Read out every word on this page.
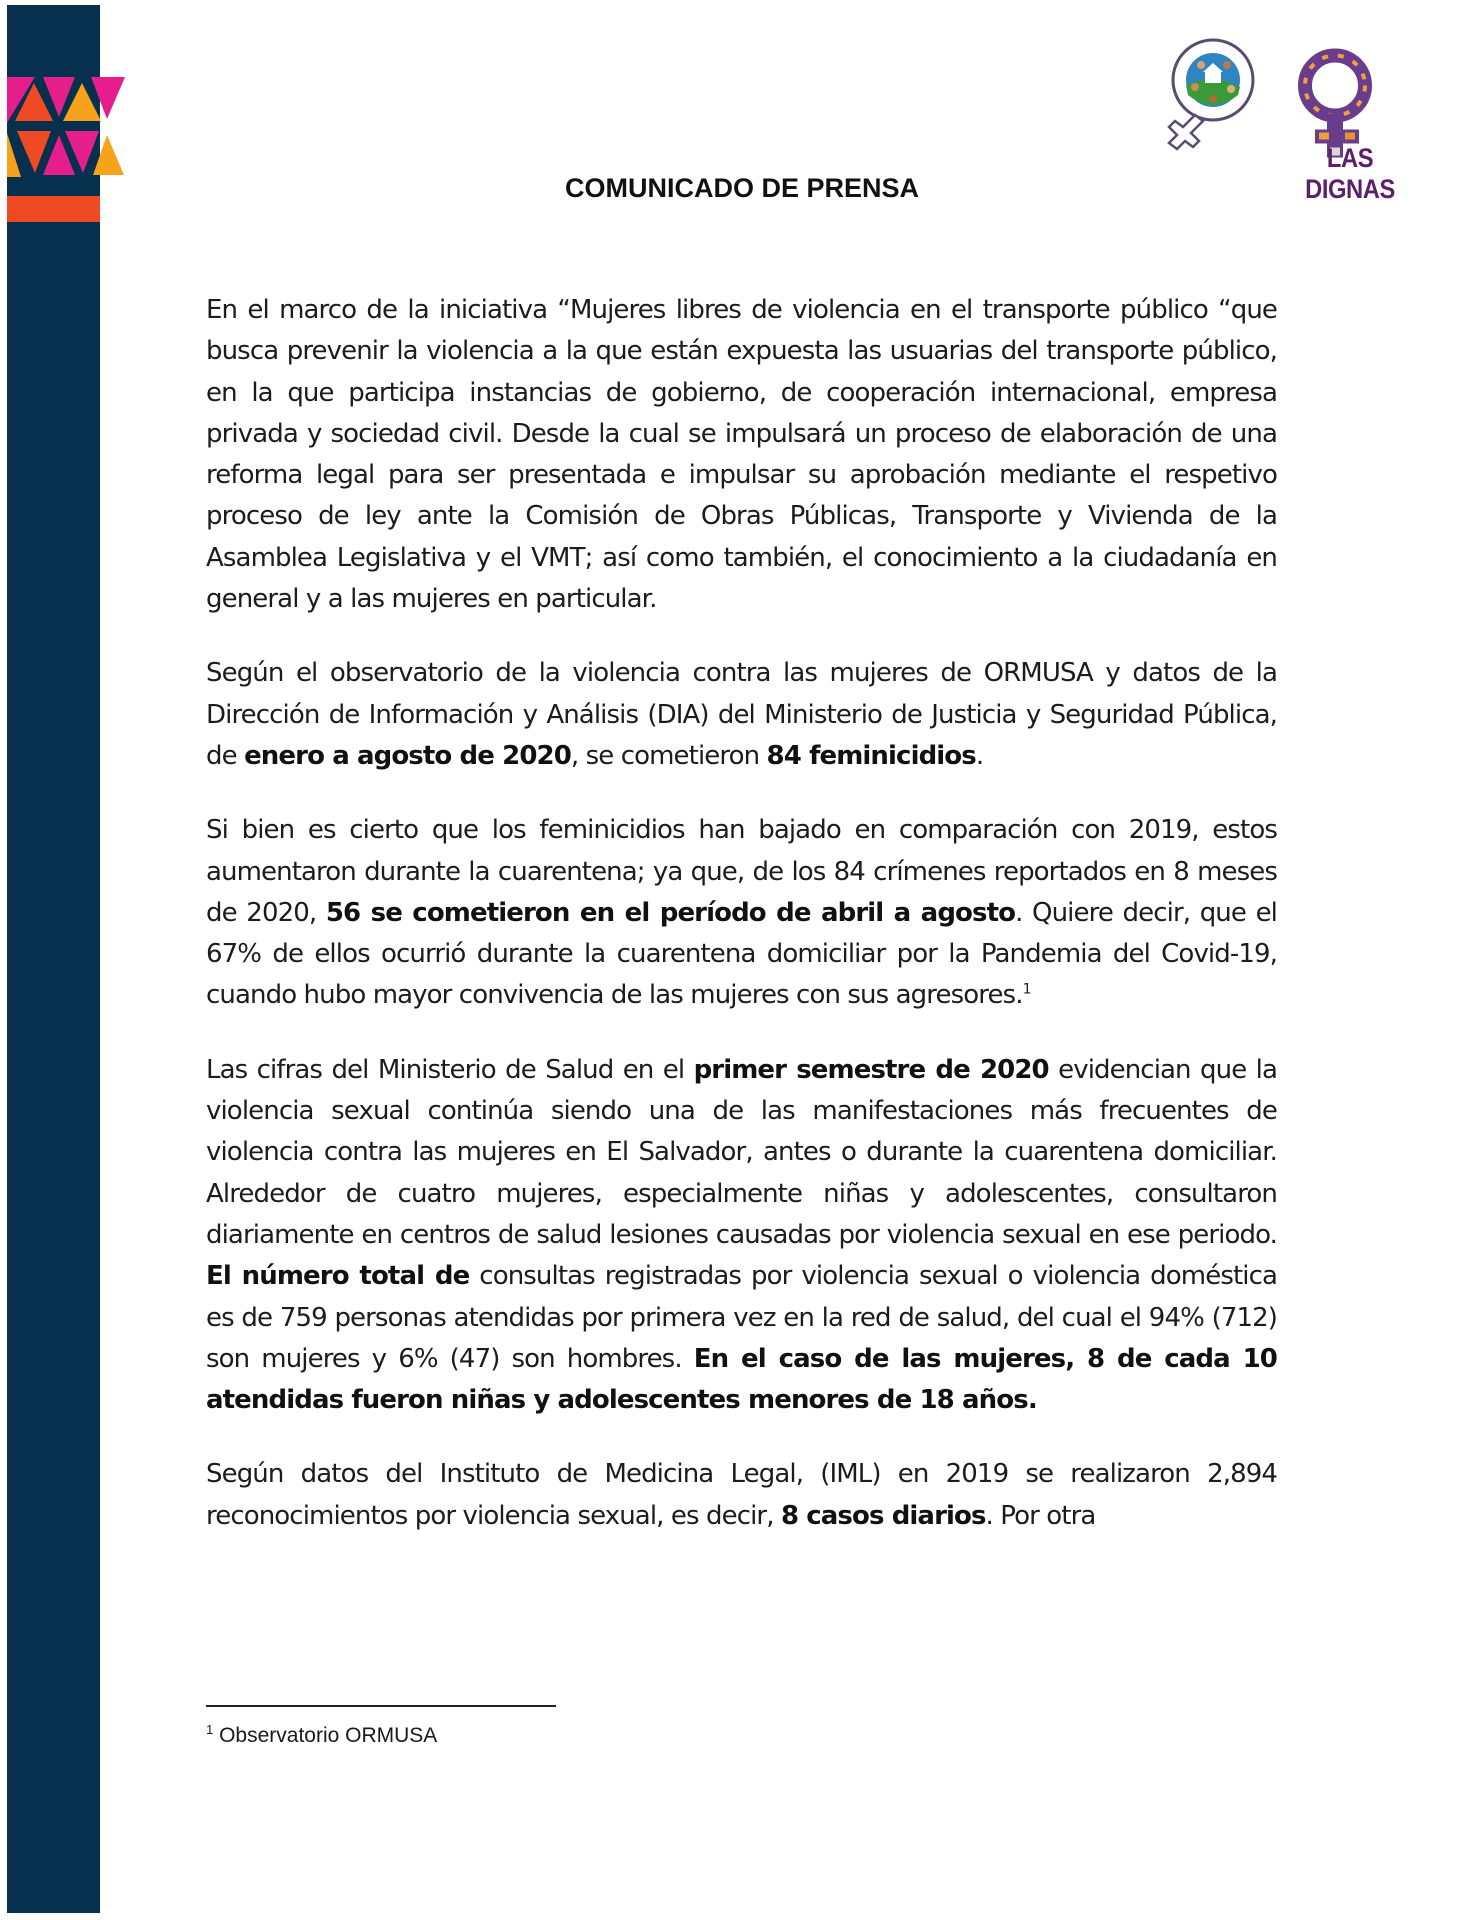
LAS DIGNAS
COMUNICADO DE PRENSA

En el marco de la iniciativa “Mujeres libres de violencia en el transporte público “que busca prevenir la violencia a la que están expuesta las usuarias del transporte público, en la que participa instancias de gobierno, de cooperación internacional, empresa privada y sociedad civil. Desde la cual se impulsará un proceso de elaboración de una reforma legal para ser presentada e impulsar su aprobación mediante el respetivo proceso de ley ante la Comisión de Obras Públicas, Transporte y Vivienda de la Asamblea Legislativa y el VMT; así como también, el conocimiento a la ciudadanía en general y a las mujeres en particular.

Según el observatorio de la violencia contra las mujeres de ORMUSA y datos de la Dirección de Información y Análisis (DIA) del Ministerio de Justicia y Seguridad Pública, de enero a agosto de 2020, se cometieron 84 feminicidios.

Si bien es cierto que los feminicidios han bajado en comparación con 2019, estos aumentaron durante la cuarentena; ya que, de los 84 crímenes reportados en 8 meses de 2020, 56 se cometieron en el período de abril a agosto. Quiere decir, que el 67% de ellos ocurrió durante la cuarentena domiciliar por la Pandemia del Covid-19, cuando hubo mayor convivencia de las mujeres con sus agresores.$^1$

Las cifras del Ministerio de Salud en el primer semestre de 2020 evidencian que la violencia sexual continúa siendo una de las manifestaciones más frecuentes de violencia contra las mujeres en El Salvador, antes o durante la cuarentena domiciliar. Alrededor de cuatro mujeres, especialmente niñas y adolescentes, consultaron diariamente en centros de salud lesiones causadas por violencia sexual en ese periodo. El número total de consultas registradas por violencia sexual o violencia doméstica es de 759 personas atendidas por primera vez en la red de salud, del cual el 94% (712) son mujeres y 6% (47) son hombres. En el caso de las mujeres, 8 de cada 10 atendidas fueron niñas y adolescentes menores de 18 años.

Según datos del Instituto de Medicina Legal, (IML) en 2019 se realizaron 2,894 reconocimientos por violencia sexual, es decir, 8 casos diarios. Por otra

$^1$ Observatorio ORMUSA
